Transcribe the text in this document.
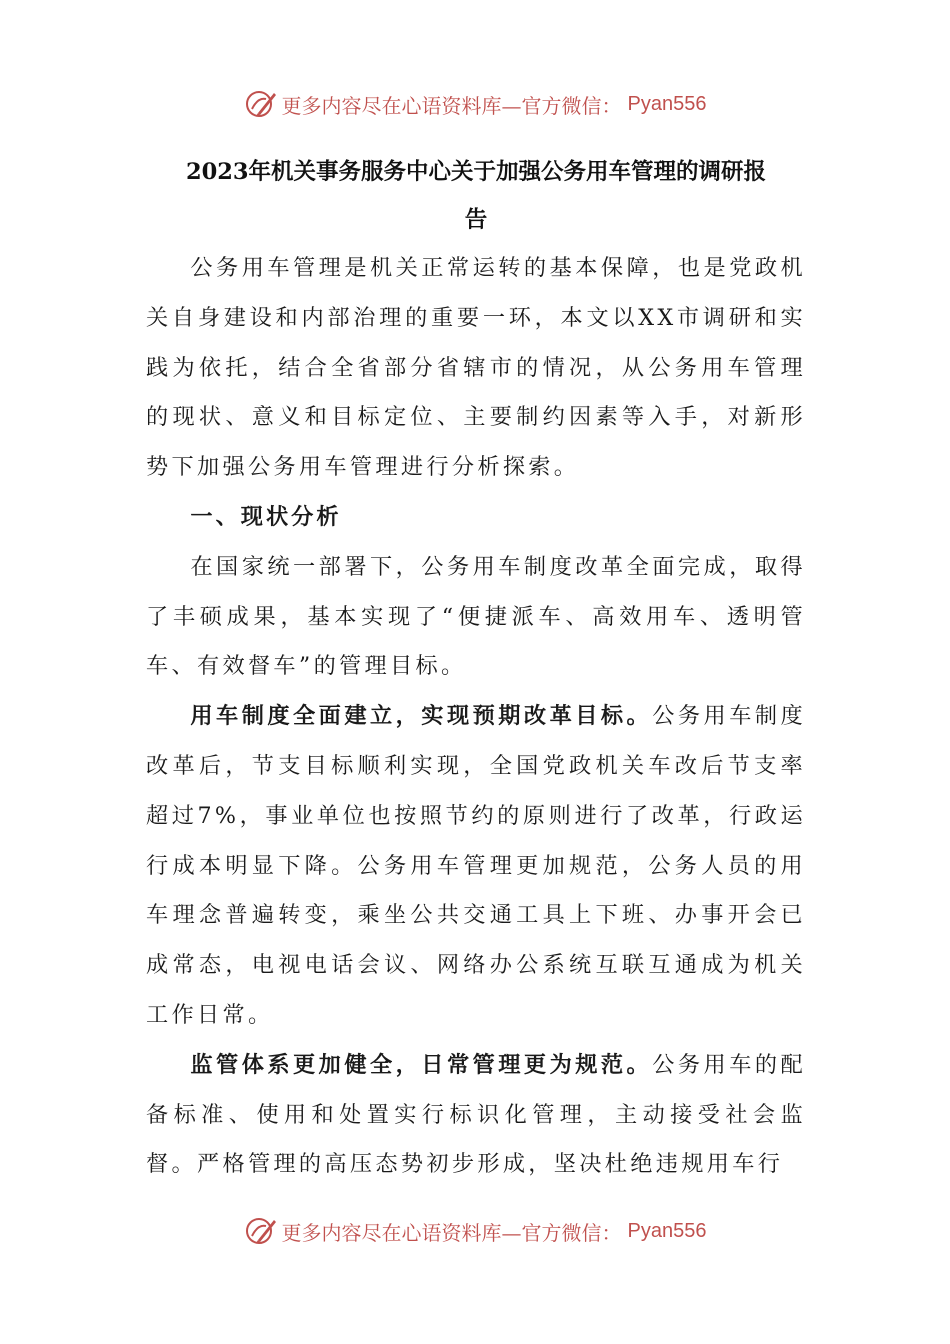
更多内容尽在心语资料库—官方微信： Pyan556
2023年机关事务服务中心关于加强公务用车管理的调研报
告

公务用车管理是机关正常运转的基本保障，也是党政机关自身建设和内部治理的重要一环，本文以XX市调研和实践为依托，结合全省部分省辖市的情况，从公务用车管理的现状、意义和目标定位、主要制约因素等入手，对新形势下加强公务用车管理进行分析探索。

一、现状分析

在国家统一部署下，公务用车制度改革全面完成，取得了丰硕成果，基本实现了“便捷派车、高效用车、透明管车、有效督车”的管理目标。

用车制度全面建立，实现预期改革目标。公务用车制度改革后，节支目标顺利实现，全国党政机关车改后节支率超过7%，事业单位也按照节约的原则进行了改革，行政运行成本明显下降。公务用车管理更加规范，公务人员的用车理念普遍转变，乘坐公共交通工具上下班、办事开会已成常态，电视电话会议、网络办公系统互联互通成为机关工作日常。

监管体系更加健全，日常管理更为规范。公务用车的配备标准、使用和处置实行标识化管理，主动接受社会监督。严格管理的高压态势初步形成，坚决杜绝违规用车行

更多内容尽在心语资料库—官方微信： Pyan556
